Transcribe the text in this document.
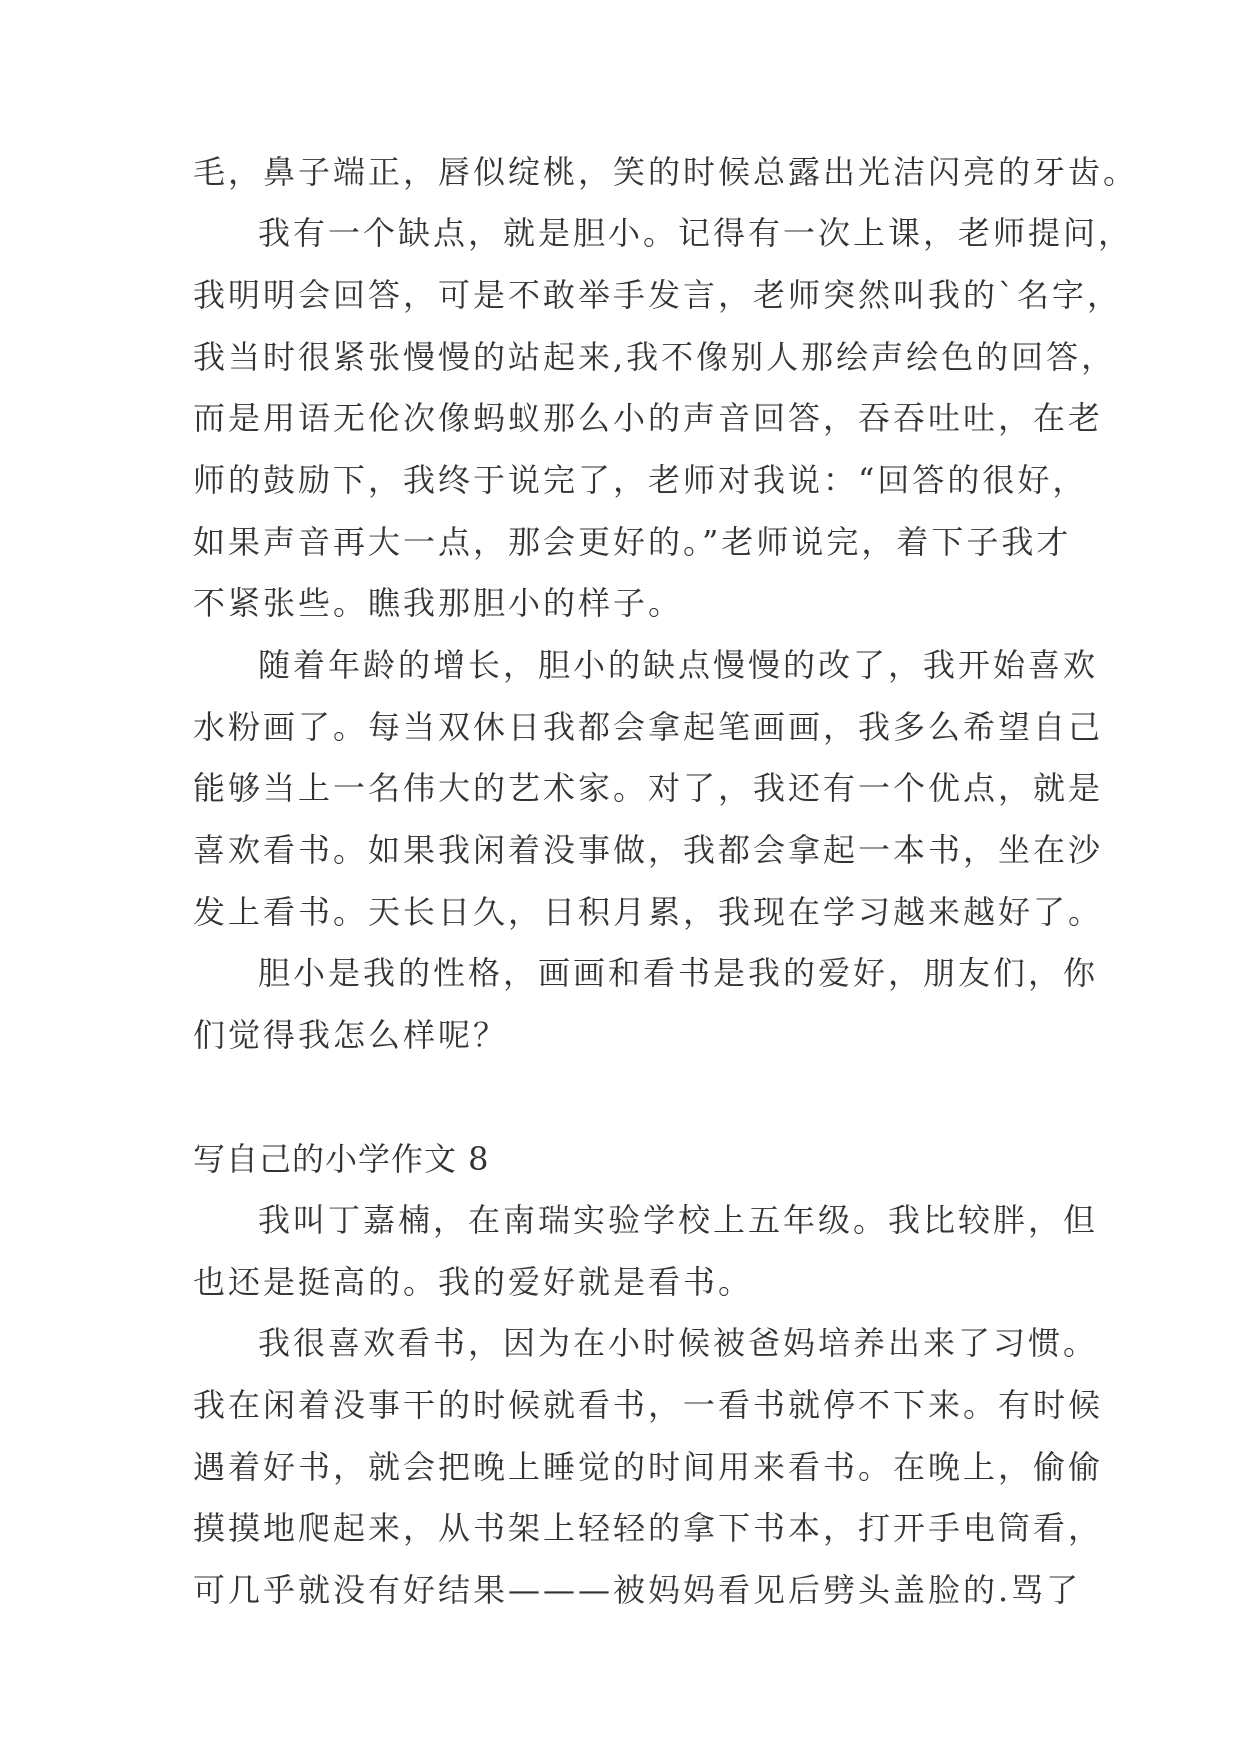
毛，鼻子端正，唇似绽桃，笑的时候总露出光洁闪亮的牙齿。
我有一个缺点，就是胆小。记得有一次上课，老师提问，
我明明会回答，可是不敢举手发言，老师突然叫我的`名字，
我当时很紧张慢慢的站起来,我不像别人那绘声绘色的回答，
而是用语无伦次像蚂蚁那么小的声音回答，吞吞吐吐，在老
师的鼓励下，我终于说完了，老师对我说：“回答的很好，
如果声音再大一点，那会更好的。”老师说完，着下子我才
不紧张些。瞧我那胆小的样子。
随着年龄的增长，胆小的缺点慢慢的改了，我开始喜欢
水粉画了。每当双休日我都会拿起笔画画，我多么希望自己
能够当上一名伟大的艺术家。对了，我还有一个优点，就是
喜欢看书。如果我闲着没事做，我都会拿起一本书，坐在沙
发上看书。天长日久，日积月累，我现在学习越来越好了。
胆小是我的性格，画画和看书是我的爱好，朋友们，你
们觉得我怎么样呢？
写自己的小学作文 8
我叫丁嘉楠，在南瑞实验学校上五年级。我比较胖，但
也还是挺高的。我的爱好就是看书。
我很喜欢看书，因为在小时候被爸妈培养出来了习惯。
我在闲着没事干的时候就看书，一看书就停不下来。有时候
遇着好书，就会把晚上睡觉的时间用来看书。在晚上，偷偷
摸摸地爬起来，从书架上轻轻的拿下书本，打开手电筒看，
可几乎就没有好结果———被妈妈看见后劈头盖脸的.骂了
